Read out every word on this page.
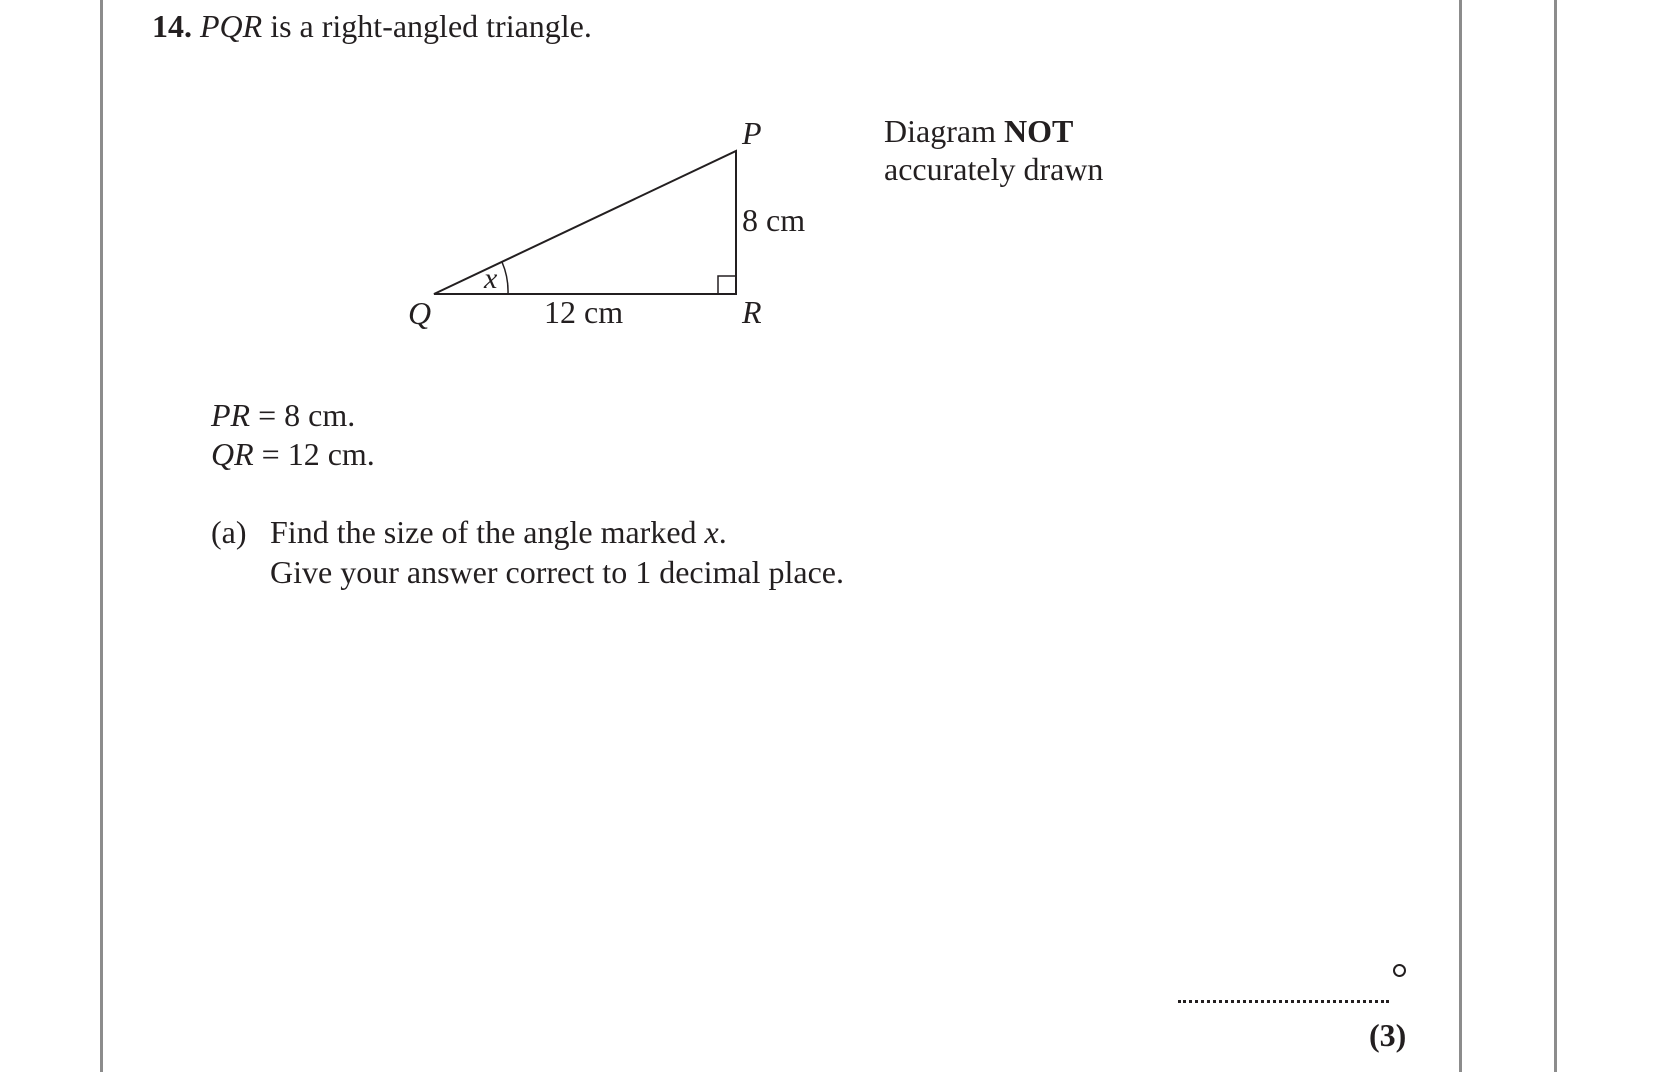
14. PQR is a right-angled triangle.
P
Q	R
x
8 cm
12 cm
Diagram NOT
accurately drawn
PR = 8 cm.
QR = 12 cm.
(a) Find the size of the angle marked x.
Give your answer correct to 1 decimal place.
(3)
